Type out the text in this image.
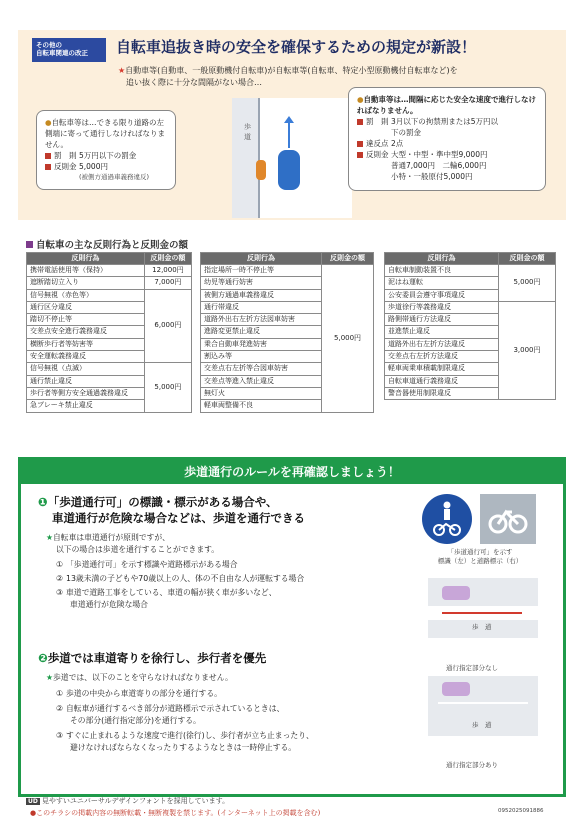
その他の
自転車関連の改正	自転車追抜き時の安全を確保するための規定が新設！
★自動車等(自動車、一般原動機付自転車)が自転車等(自転車、特定小型原動機付自転車など)を
追い抜く際に十分な間隔がない場合…
歩道
●自転車等は…できる限り道路の左側端に寄って通行しなければなりません。
罰　則 5万円以下の罰金
反則金 5,000円
(被側方通過車義務違反)
●自動車等は…間隔に応じた安全な速度で進行しなければなりません。
罰　則 3月以下の拘禁刑または5万円以下の罰金
違反点 2点
反則金 大型・中型・準中型9,000円
普通7,000円　二輪6,000円
小特・一般原付5,000円
自転車の主な反則行為と反則金の額
反則行為	反則金の額
携帯電話使用等（保持）	12,000円
遮断踏切立入り	7,000円
信号無視（赤色等）	6,000円
通行区分違反	
踏切不停止等	
交差点安全進行義務違反	
横断歩行者等妨害等	
安全運転義務違反	
信号無視（点滅）	5,000円
通行禁止違反	
歩行者等側方安全通過義務違反	
急ブレーキ禁止違反	
反則行為	反則金の額
指定場所一時不停止等	5,000円
幼児等通行妨害	
被側方通過車義務違反	
通行帯違反	
道路外出右左折方法図車妨害	
進路変更禁止違反	
乗合自動車発進妨害	
割込み等	
交差点右左折等合図車妨害	
交差点等進入禁止違反	
無灯火	
軽車両整備不良	
反則行為	反則金の額
自転車制動装置不良	5,000円
泥はね運転	
公安委員会遵守事項違反	
歩道徐行等義務違反	3,000円
路側帯通行方法違反	
並進禁止違反	
道路外出右左折方法違反	
交差点右左折方法違反	
軽車両乗車積載制限違反	
自転車道通行義務違反	
警音器使用制限違反	
歩道通行のルールを再確認しましょう！
❶「歩道通行可」の標識・標示がある場合や、
車道通行が危険な場合などは、歩道を通行できる
★自転車は車道通行が原則ですが、
以下の場合は歩道を通行することができます。
① 「歩道通行可」を示す標識や道路標示がある場合
② 13歳未満の子どもや70歳以上の人、体の不自由な人が運転する場合
③ 車道で道路工事をしている、車道の幅が狭く車が多いなど、
車道通行が危険な場合
「歩道通行可」を示す
標識（左）と道路標示（右）
歩　道
通行指定部分なし
歩　道
通行指定部分あり
❷歩道では車道寄りを徐行し、歩行者を優先
★歩道では、以下のことを守らなければなりません。
① 歩道の中央から車道寄りの部分を通行する。
② 自転車が通行するべき部分が道路標示で示されているときは、
その部分(通行指定部分)を通行する。
③ すぐに止まれるような速度で進行(徐行)し、歩行者が立ち止まったり、
避けなければならなくなったりするようなときは一時停止する。
UD 見やすいユニバーサルデザインフォントを採用しています。
●このチラシの掲載内容の無断転載・無断複製を禁じます。(インターネット上の掲載を含む)	09520250918​86
